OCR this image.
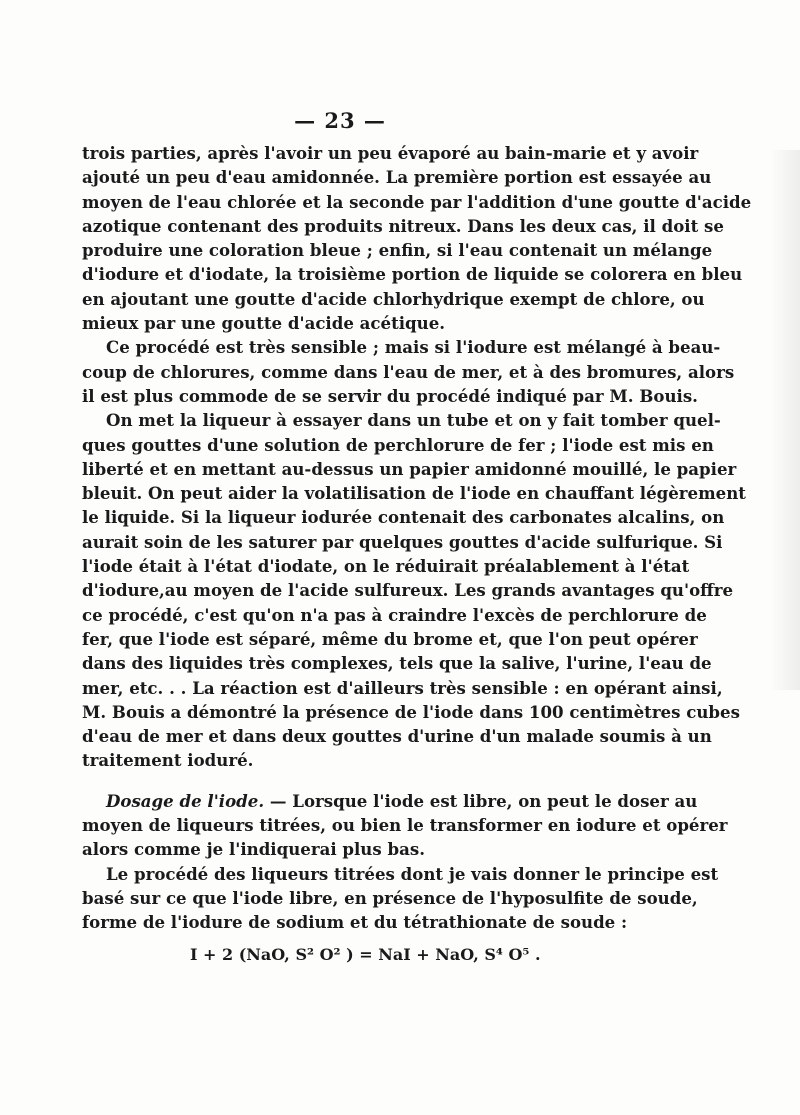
— 23 —
trois parties, après l'avoir un peu évaporé au bain-marie et y avoir
ajouté un peu d'eau amidonnée. La première portion est essayée au
moyen de l'eau chlorée et la seconde par l'addition d'une goutte d'acide
azotique contenant des produits nitreux. Dans les deux cas, il doit se
produire une coloration bleue ; enfin, si l'eau contenait un mélange
d'iodure et d'iodate, la troisième portion de liquide se colorera en bleu
en ajoutant une goutte d'acide chlorhydrique exempt de chlore, ou
mieux par une goutte d'acide acétique.
Ce procédé est très sensible ; mais si l'iodure est mélangé à beau-
coup de chlorures, comme dans l'eau de mer, et à des bromures, alors
il est plus commode de se servir du procédé indiqué par M. Bouis.
On met la liqueur à essayer dans un tube et on y fait tomber quel-
ques gouttes d'une solution de perchlorure de fer ; l'iode est mis en
liberté et en mettant au-dessus un papier amidonné mouillé, le papier
bleuit. On peut aider la volatilisation de l'iode en chauffant légèrement
le liquide. Si la liqueur iodurée contenait des carbonates alcalins, on
aurait soin de les saturer par quelques gouttes d'acide sulfurique. Si
l'iode était à l'état d'iodate, on le réduirait préalablement à l'état
d'iodure,au moyen de l'acide sulfureux. Les grands avantages qu'offre
ce procédé, c'est qu'on n'a pas à craindre l'excès de perchlorure de
fer, que l'iode est séparé, même du brome et, que l'on peut opérer
dans des liquides très complexes, tels que la salive, l'urine, l'eau de
mer, etc. . . La réaction est d'ailleurs très sensible : en opérant ainsi,
M. Bouis a démontré la présence de l'iode dans 100 centimètres cubes
d'eau de mer et dans deux gouttes d'urine d'un malade soumis à un
traitement ioduré.
Dosage de l'iode. — Lorsque l'iode est libre, on peut le doser au
moyen de liqueurs titrées, ou bien le transformer en iodure et opérer
alors comme je l'indiquerai plus bas.
Le procédé des liqueurs titrées dont je vais donner le principe est
basé sur ce que l'iode libre, en présence de l'hyposulfite de soude,
forme de l'iodure de sodium et du tétrathionate de soude :
I + 2 (NaO, S² O² ) = NaI + NaO, S⁴ O⁵ .
